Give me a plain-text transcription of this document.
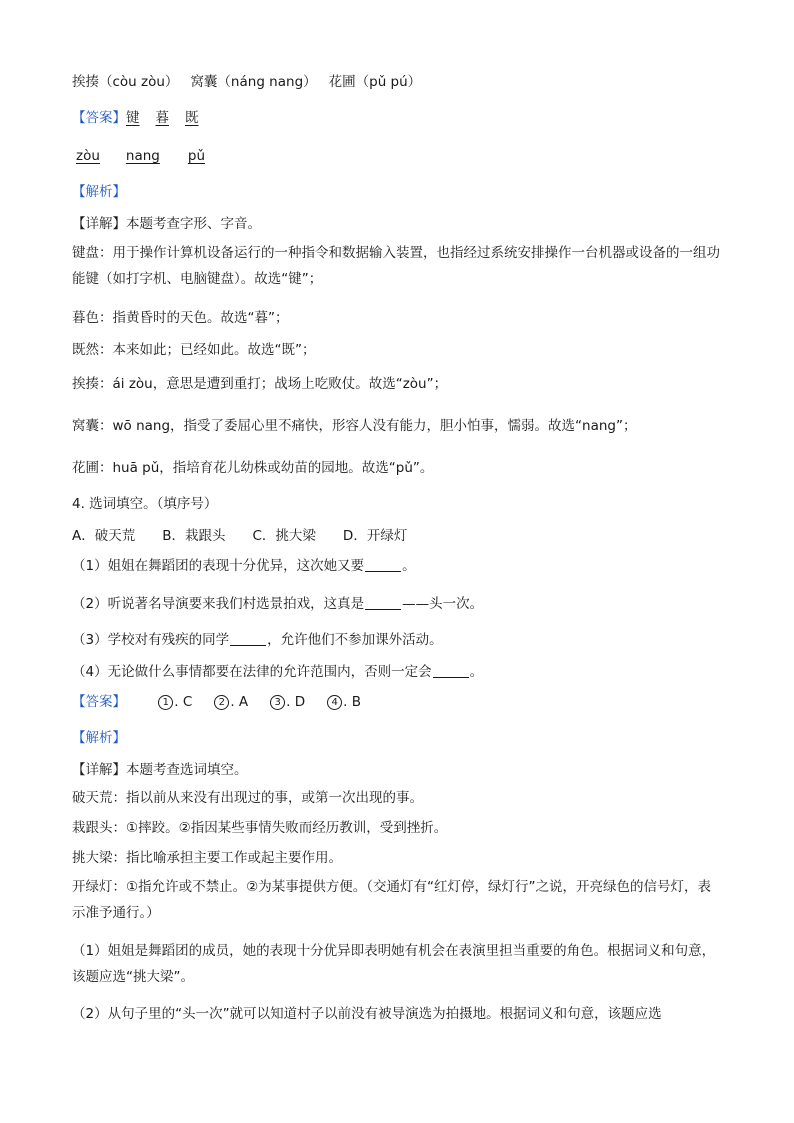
挨揍（còu zòu） 窝囊（náng nang） 花圃（pǔ pú）
【答案】键 暮 既
zòu nang pǔ
【解析】
【详解】本题考查字形、字音。
键盘：用于操作计算机设备运行的一种指令和数据输入装置，也指经过系统安排操作一台机器或设备的一组功能键（如打字机、电脑键盘）。故选“键”；
暮色：指黄昏时的天色。故选“暮”；
既然：本来如此；已经如此。故选“既”；
挨揍：ái zòu，意思是遭到重打；战场上吃败仗。故选“zòu”；
窝囊：wō nang，指受了委屈心里不痛快，形容人没有能力，胆小怕事，懦弱。故选“nang”；
花圃：huā pǔ，指培育花儿幼株或幼苗的园地。故选“pǔ”。
4. 选词填空。（填序号）
A．破天荒　　B．栽跟头　　C．挑大梁　　D．开绿灯
（1）姐姐在舞蹈团的表现十分优异，这次她又要	。
（2）听说著名导演要来我们村选景拍戏，这真是	——头一次。
（3）学校对有残疾的同学	，允许他们不参加课外活动。
（4）无论做什么事情都要在法律的允许范围内，否则一定会	。
【答案】	1 . C	2 . A	3 . D	4 . B
【解析】
【详解】本题考查选词填空。
破天荒：指以前从来没有出现过的事，或第一次出现的事。
栽跟头：①摔跤。②指因某些事情失败而经历教训，受到挫折。
挑大梁：指比喻承担主要工作或起主要作用。
开绿灯：①指允许或不禁止。②为某事提供方便。（交通灯有“红灯停，绿灯行”之说，开亮绿色的信号灯，表示准予通行。）
（1）姐姐是舞蹈团的成员，她的表现十分优异即表明她有机会在表演里担当重要的角色。根据词义和句意，该题应选“挑大梁”。
（2）从句子里的“头一次”就可以知道村子以前没有被导演选为拍摄地。根据词义和句意，该题应选
